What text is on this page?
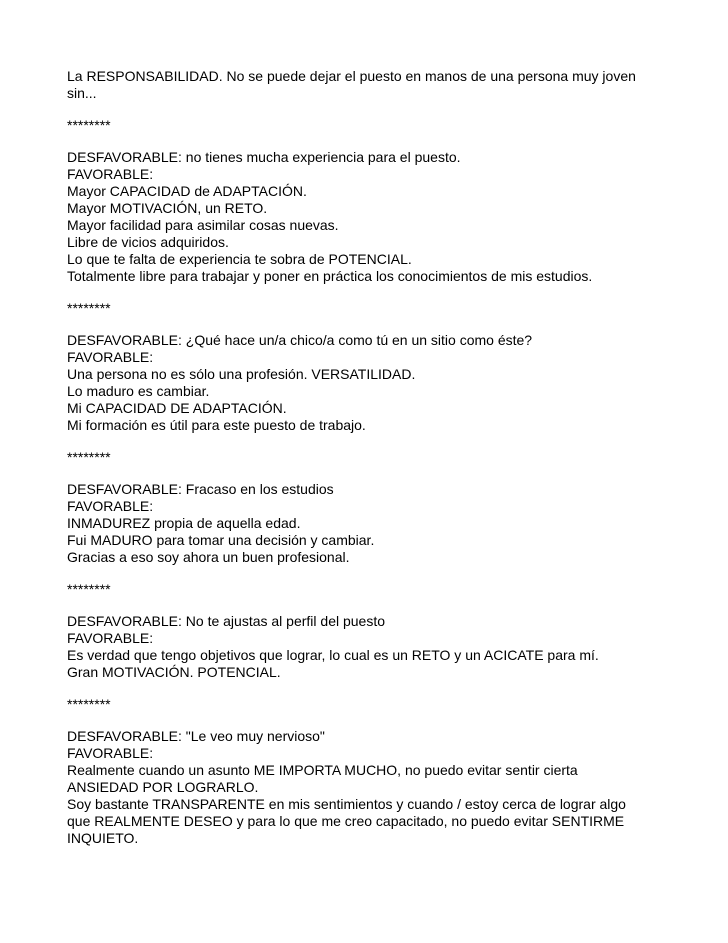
La RESPONSABILIDAD. No se puede dejar el puesto en manos de una persona muy joven
sin...
********
DESFAVORABLE: no tienes mucha experiencia para el puesto.
FAVORABLE:
Mayor CAPACIDAD de ADAPTACIÓN.
Mayor MOTIVACIÓN, un RETO.
Mayor facilidad para asimilar cosas nuevas.
Libre de vicios adquiridos.
Lo que te falta de experiencia te sobra de POTENCIAL.
Totalmente libre para trabajar y poner en práctica los conocimientos de mis estudios.
********
DESFAVORABLE: ¿Qué hace un/a chico/a como tú en un sitio como éste?
FAVORABLE:
Una persona no es sólo una profesión. VERSATILIDAD.
Lo maduro es cambiar.
Mi CAPACIDAD DE ADAPTACIÓN.
Mi formación es útil para este puesto de trabajo.
********
DESFAVORABLE: Fracaso en los estudios
FAVORABLE:
INMADUREZ propia de aquella edad.
Fui MADURO para tomar una decisión y cambiar.
Gracias a eso soy ahora un buen profesional.
********
DESFAVORABLE: No te ajustas al perfil del puesto
FAVORABLE:
Es verdad que tengo objetivos que lograr, lo cual es un RETO y un ACICATE para mí.
Gran MOTIVACIÓN. POTENCIAL.
********
DESFAVORABLE: "Le veo muy nervioso"
FAVORABLE:
Realmente cuando un asunto ME IMPORTA MUCHO, no puedo evitar sentir cierta
ANSIEDAD POR LOGRARLO.
Soy bastante TRANSPARENTE en mis sentimientos y cuando / estoy cerca de lograr algo
que REALMENTE DESEO y para lo que me creo capacitado, no puedo evitar SENTIRME
INQUIETO.
